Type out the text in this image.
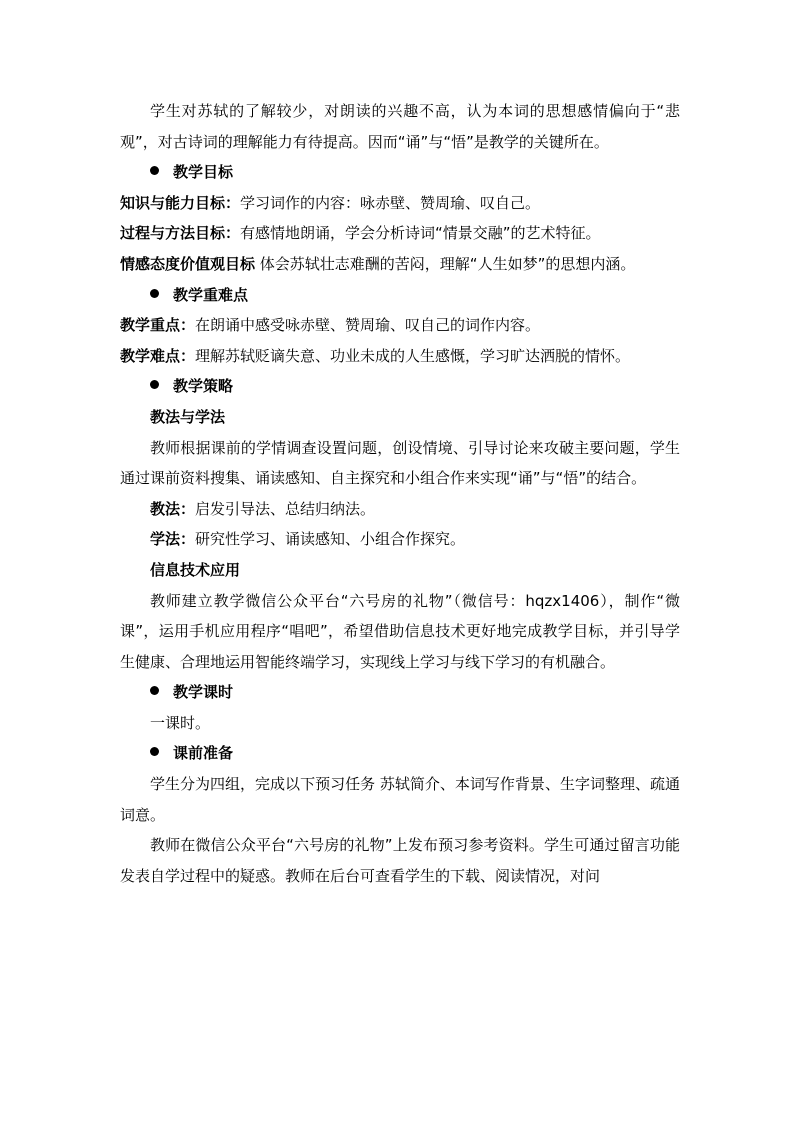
学生对苏轼的了解较少，对朗读的兴趣不高，认为本词的思想感情偏向于“悲观”，对古诗词的理解能力有待提高。因而“诵”与“悟”是教学的关键所在。

教学目标

知识与能力目标：学习词作的内容：咏赤壁、赞周瑜、叹自己。

过程与方法目标：有感情地朗诵，学会分析诗词“情景交融”的艺术特征。

情感态度价值观目标 体会苏轼壮志难酬的苦闷，理解“人生如梦”的思想内涵。

教学重难点

教学重点：在朗诵中感受咏赤壁、赞周瑜、叹自己的词作内容。

教学难点：理解苏轼贬谪失意、功业未成的人生感慨，学习旷达洒脱的情怀。

教学策略

教法与学法

教师根据课前的学情调查设置问题，创设情境、引导讨论来攻破主要问题，学生通过课前资料搜集、诵读感知、自主探究和小组合作来实现“诵”与“悟”的结合。

教法：启发引导法、总结归纳法。

学法：研究性学习、诵读感知、小组合作探究。

信息技术应用

教师建立教学微信公众平台“六号房的礼物”（微信号：hqzx1406），制作“微课”，运用手机应用程序“唱吧”，希望借助信息技术更好地完成教学目标，并引导学生健康、合理地运用智能终端学习，实现线上学习与线下学习的有机融合。

教学课时

一课时。

课前准备

学生分为四组，完成以下预习任务 苏轼简介、本词写作背景、生字词整理、疏通词意。

教师在微信公众平台“六号房的礼物”上发布预习参考资料。学生可通过留言功能发表自学过程中的疑惑。教师在后台可查看学生的下载、阅读情况，对问
